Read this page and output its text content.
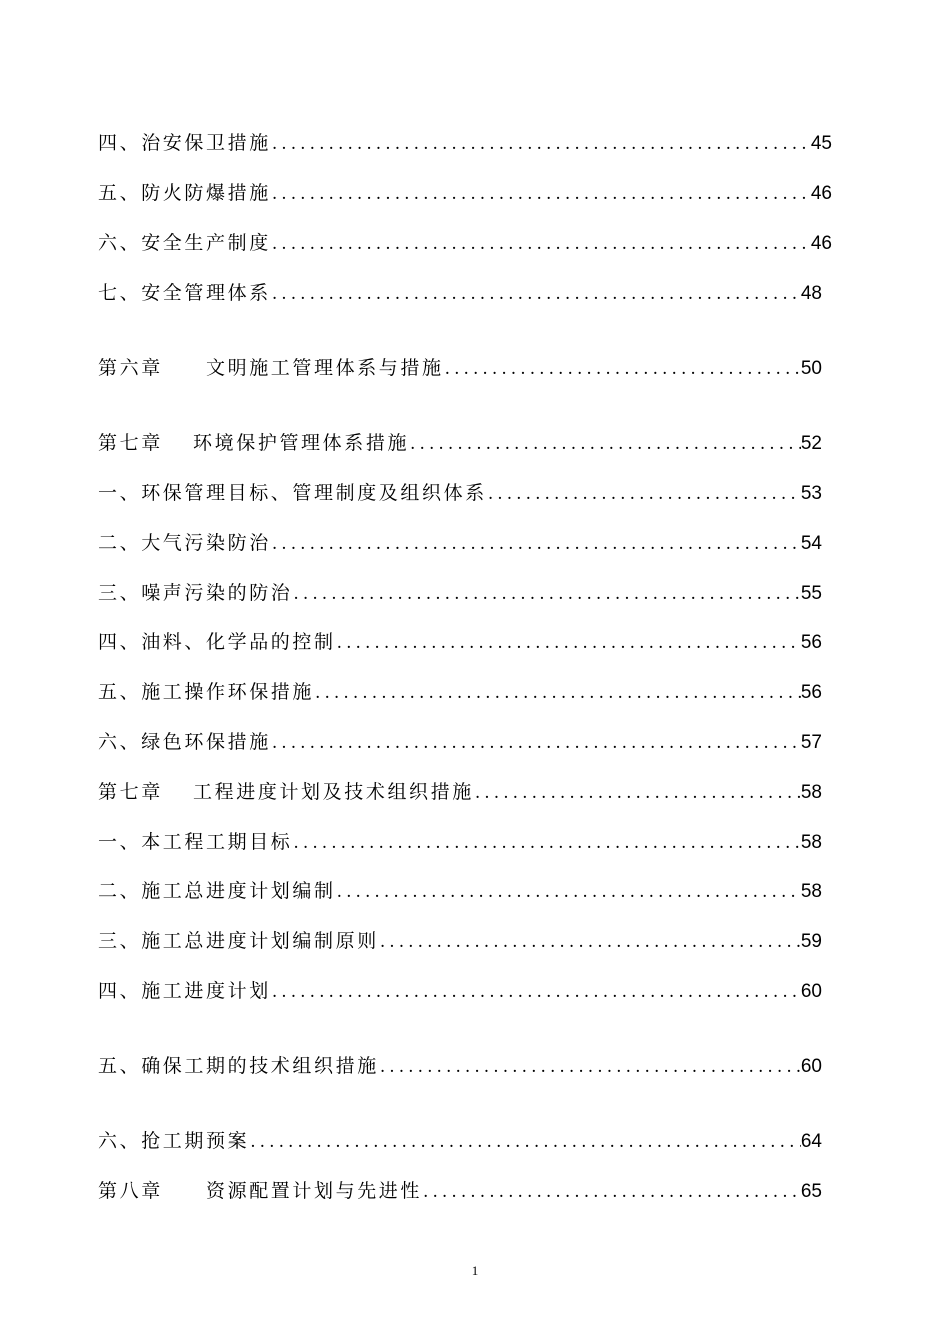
四、治安保卫措施 .....	45
五、防火防爆措施 .....	46
六、安全生产制度 .....	46
七、安全管理体系 .....	48
第六章　　文明施工管理体系与措施 .....	50
第七章　 环境保护管理体系措施 .....	52
一、环保管理目标、管理制度及组织体系 .....	53
二、大气污染防治 .....	54
三、噪声污染的防治 .....	55
四、油料、化学品的控制 .....	56
五、施工操作环保措施 .....	56
六、绿色环保措施 .....	57
第七章　 工程进度计划及技术组织措施 .....	58
一、本工程工期目标 .....	58
二、施工总进度计划编制 .....	58
三、施工总进度计划编制原则 .....	59
四、施工进度计划 .....	60
五、确保工期的技术组织措施 .....	60
六、抢工期预案 .....	64
第八章　　资源配置计划与先进性 .....	65
1
